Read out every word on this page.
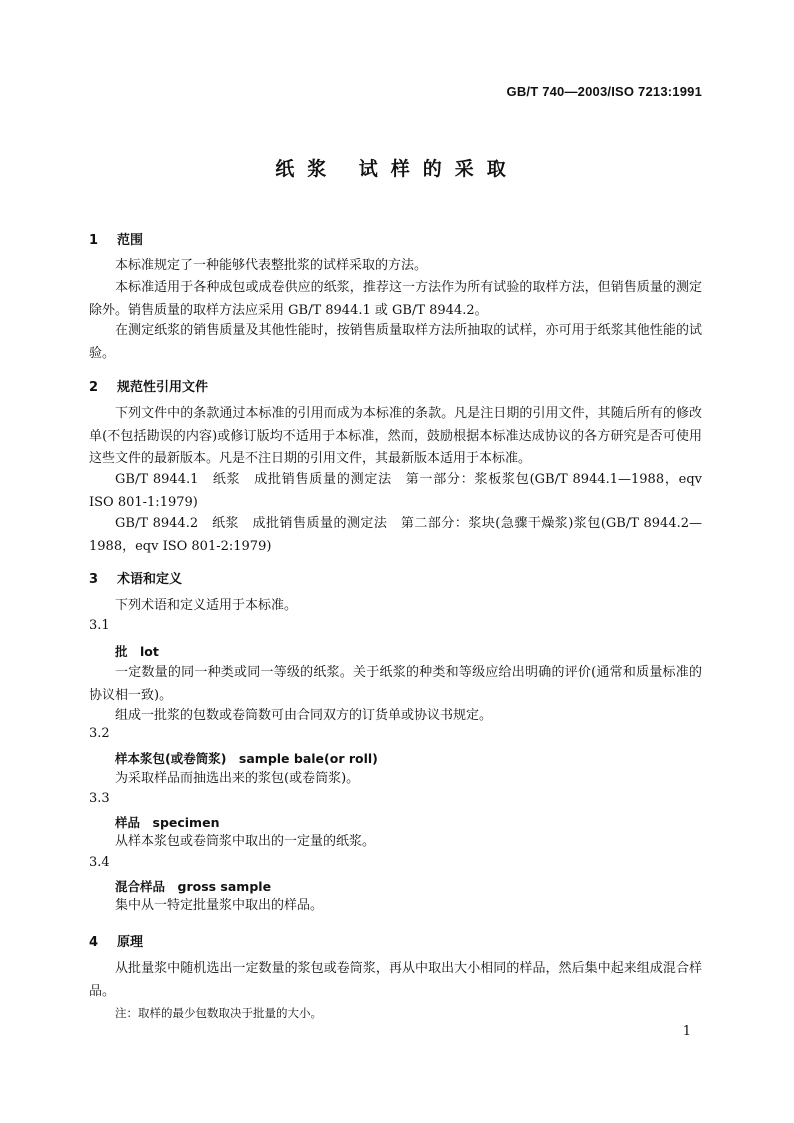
GB/T 740—2003/ISO 7213:1991
纸浆 试样的采取
1 范围
本标准规定了一种能够代表整批浆的试样采取的方法。
本标准适用于各种成包或成卷供应的纸浆，推荐这一方法作为所有试验的取样方法，但销售质量的测定除外。销售质量的取样方法应采用 GB/T 8944.1 或 GB/T 8944.2。
在测定纸浆的销售质量及其他性能时，按销售质量取样方法所抽取的试样，亦可用于纸浆其他性能的试验。
2 规范性引用文件
下列文件中的条款通过本标准的引用而成为本标准的条款。凡是注日期的引用文件，其随后所有的修改单(不包括勘误的内容)或修订版均不适用于本标准，然而，鼓励根据本标准达成协议的各方研究是否可使用这些文件的最新版本。凡是不注日期的引用文件，其最新版本适用于本标准。
GB/T 8944.1　纸浆　成批销售质量的测定法　第一部分：浆板浆包(GB/T 8944.1—1988，eqv ISO 801-1:1979)
GB/T 8944.2　纸浆　成批销售质量的测定法　第二部分：浆块(急骤干燥浆)浆包(GB/T 8944.2—1988，eqv ISO 801-2:1979)
3 术语和定义
下列术语和定义适用于本标准。
3.1
批　lot
一定数量的同一种类或同一等级的纸浆。关于纸浆的种类和等级应给出明确的评价(通常和质量标准的协议相一致)。
组成一批浆的包数或卷筒数可由合同双方的订货单或协议书规定。
3.2
样本浆包(或卷筒浆)　sample bale(or roll)
为采取样品而抽选出来的浆包(或卷筒浆)。
3.3
样品　specimen
从样本浆包或卷筒浆中取出的一定量的纸浆。
3.4
混合样品　gross sample
集中从一特定批量浆中取出的样品。
4 原理
从批量浆中随机选出一定数量的浆包或卷筒浆，再从中取出大小相同的样品，然后集中起来组成混合样品。
注：取样的最少包数取决于批量的大小。
1
